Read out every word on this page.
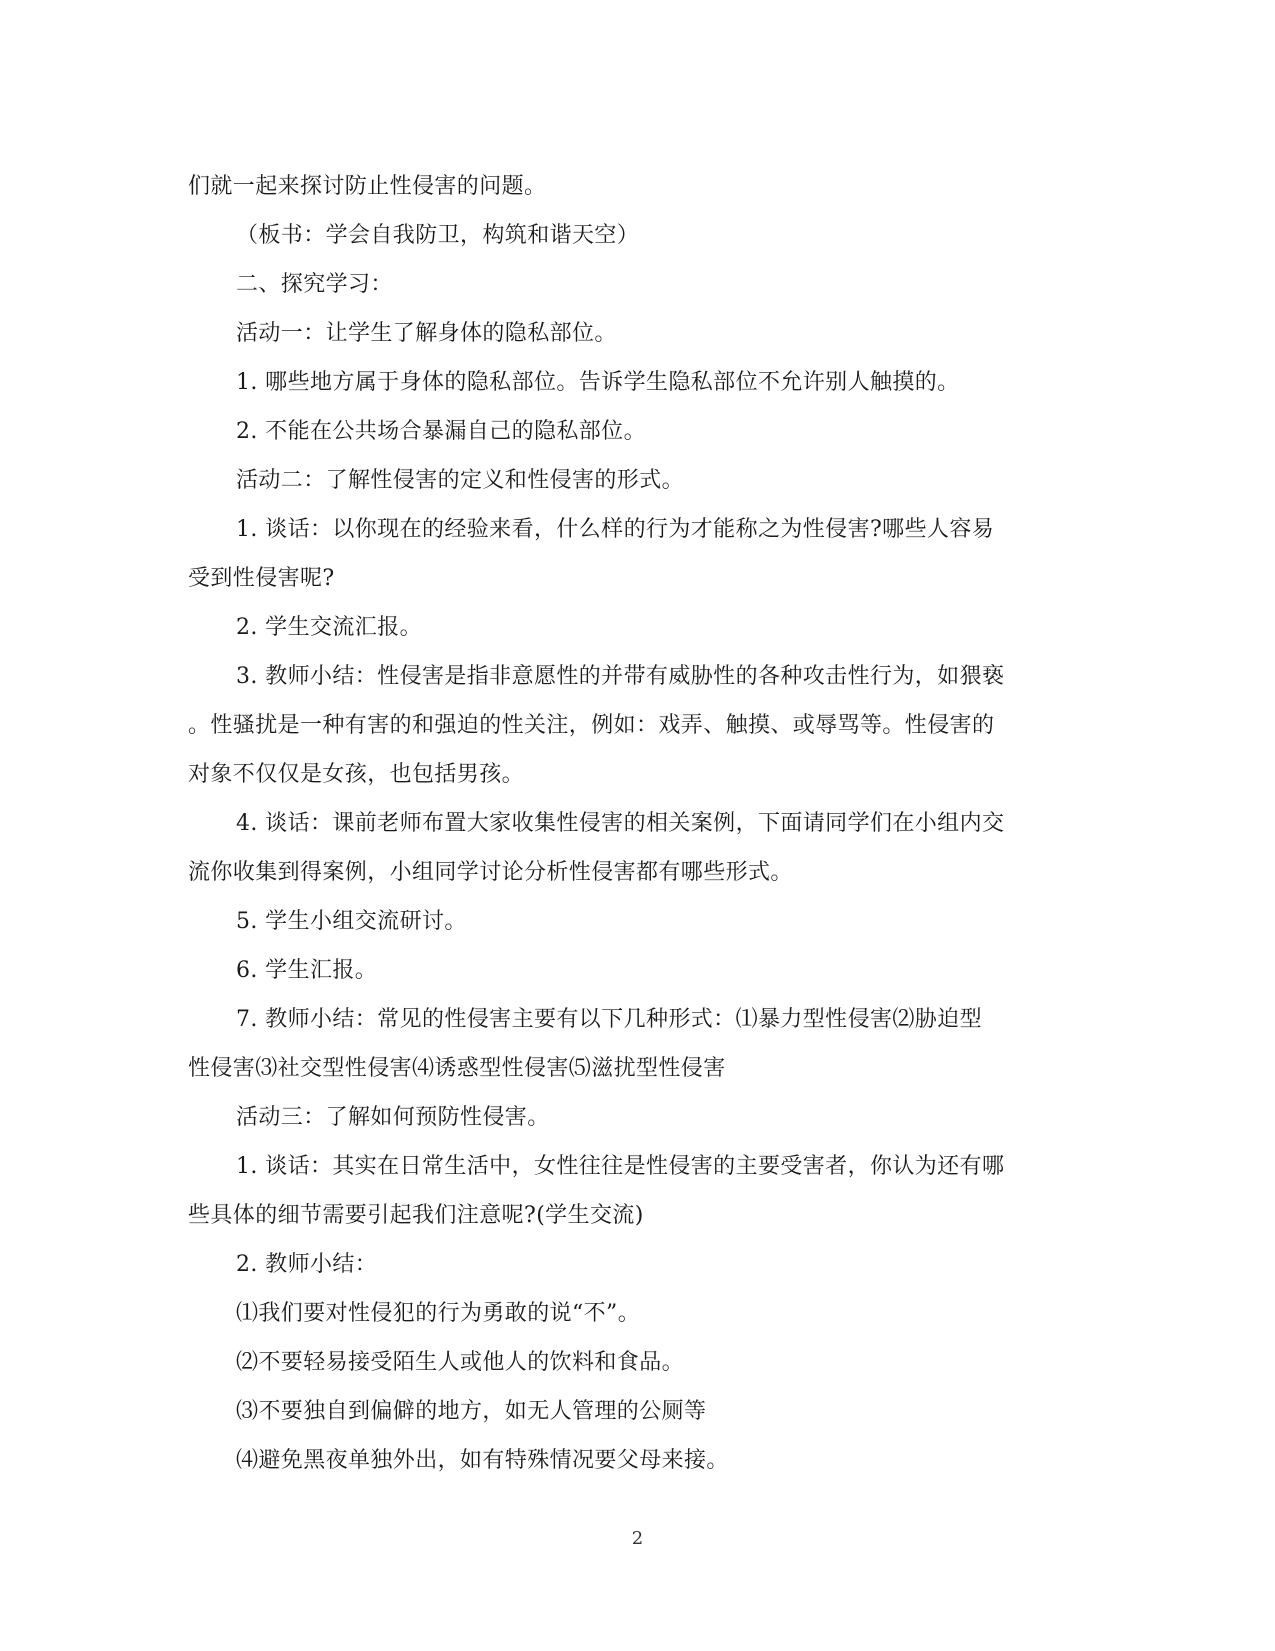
们就一起来探讨防止性侵害的问题。
（板书：学会自我防卫，构筑和谐天空）
二、探究学习：
活动一：让学生了解身体的隐私部位。
1. 哪些地方属于身体的隐私部位。告诉学生隐私部位不允许别人触摸的。
2. 不能在公共场合暴漏自己的隐私部位。
活动二：了解性侵害的定义和性侵害的形式。
1. 谈话：以你现在的经验来看，什么样的行为才能称之为性侵害?哪些人容易
受到性侵害呢?
2. 学生交流汇报。
3. 教师小结：性侵害是指非意愿性的并带有威胁性的各种攻击性行为，如猥亵
。性骚扰是一种有害的和强迫的性关注，例如：戏弄、触摸、或辱骂等。性侵害的
对象不仅仅是女孩，也包括男孩。
4. 谈话：课前老师布置大家收集性侵害的相关案例，下面请同学们在小组内交
流你收集到得案例，小组同学讨论分析性侵害都有哪些形式。
5. 学生小组交流研讨。
6. 学生汇报。
7. 教师小结：常见的性侵害主要有以下几种形式：⑴暴力型性侵害⑵胁迫型
性侵害⑶社交型性侵害⑷诱惑型性侵害⑸滋扰型性侵害
活动三：了解如何预防性侵害。
1. 谈话：其实在日常生活中，女性往往是性侵害的主要受害者，你认为还有哪
些具体的细节需要引起我们注意呢?(学生交流)
2. 教师小结：
⑴我们要对性侵犯的行为勇敢的说“不”。
⑵不要轻易接受陌生人或他人的饮料和食品。
⑶不要独自到偏僻的地方，如无人管理的公厕等
⑷避免黑夜单独外出，如有特殊情况要父母来接。
2
